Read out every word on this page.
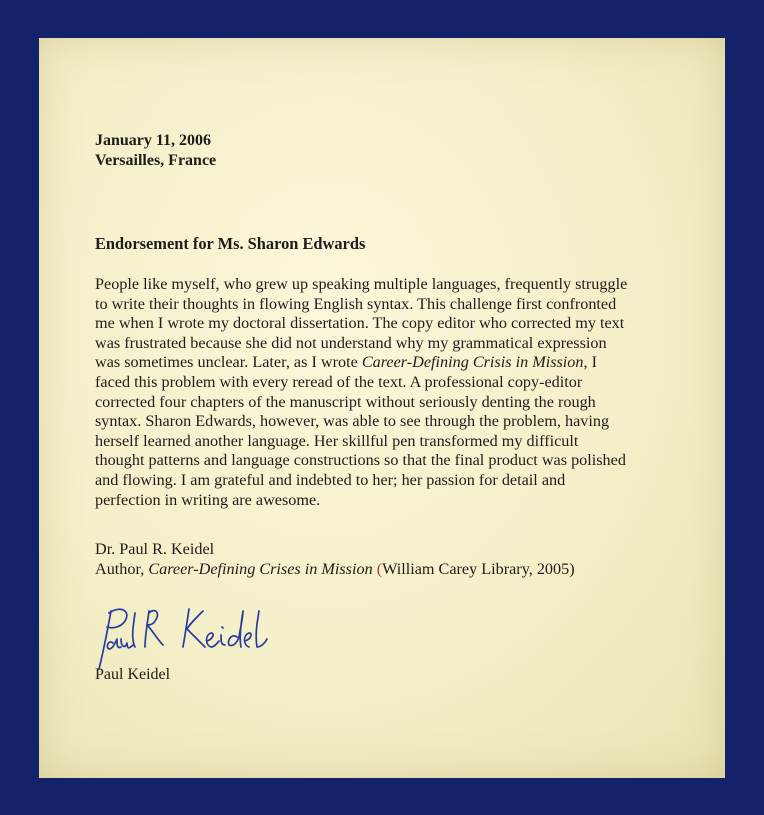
January 11, 2006
Versailles, France
Endorsement for Ms. Sharon Edwards
People like myself, who grew up speaking multiple languages, frequently struggle
to write their thoughts in flowing English syntax. This challenge first confronted
me when I wrote my doctoral dissertation. The copy editor who corrected my text
was frustrated because she did not understand why my grammatical expression
was sometimes unclear. Later, as I wrote Career-Defining Crisis in Mission, I
faced this problem with every reread of the text. A professional copy-editor
corrected four chapters of the manuscript without seriously denting the rough
syntax. Sharon Edwards, however, was able to see through the problem, having
herself learned another language. Her skillful pen transformed my difficult
thought patterns and language constructions so that the final product was polished
and flowing. I am grateful and indebted to her; her passion for detail and
perfection in writing are awesome.
Dr. Paul R. Keidel
Author, Career-Defining Crises in Mission (William Carey Library, 2005)
Paul Keidel
